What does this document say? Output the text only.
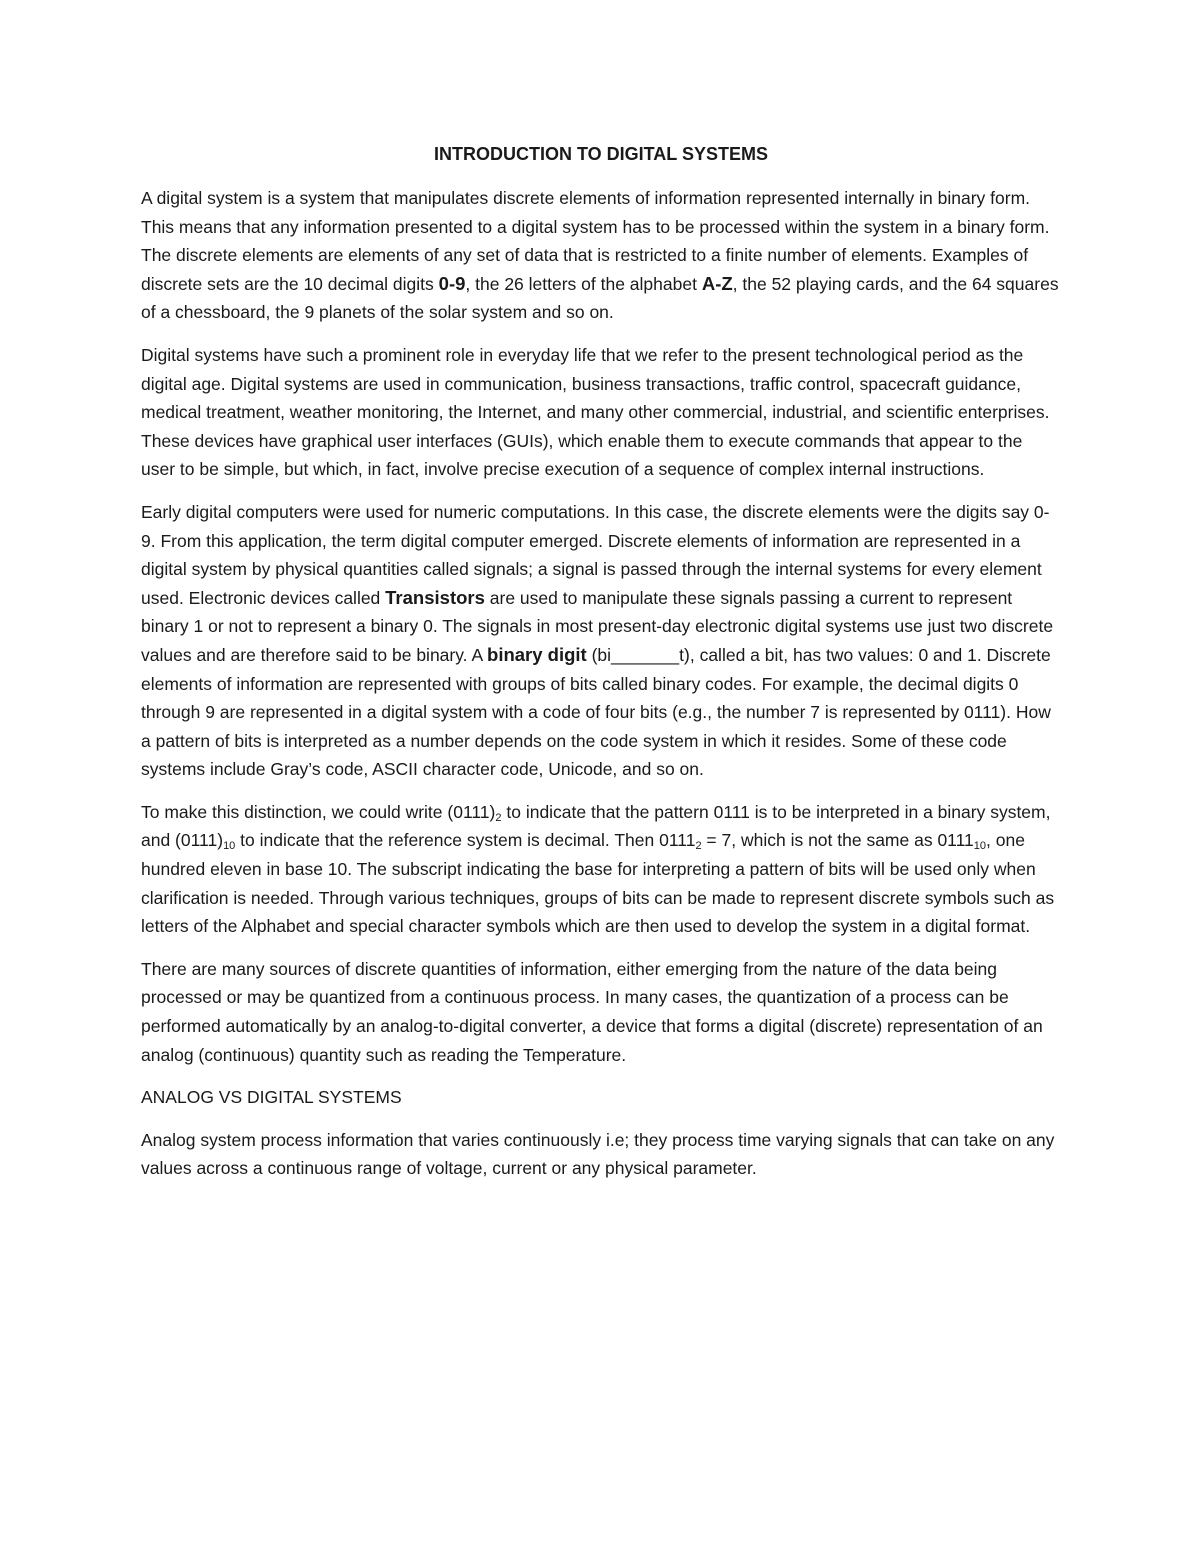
INTRODUCTION TO DIGITAL SYSTEMS

A digital system is a system that manipulates discrete elements of information represented internally in binary form. This means that any information presented to a digital system has to be processed within the system in a binary form. The discrete elements are elements of any set of data that is restricted to a finite number of elements. Examples of discrete sets are the 10 decimal digits 0-9, the 26 letters of the alphabet A-Z, the 52 playing cards, and the 64 squares of a chessboard, the 9 planets of the solar system and so on.

Digital systems have such a prominent role in everyday life that we refer to the present technological period as the digital age. Digital systems are used in communication, business transactions, traffic control, spacecraft guidance, medical treatment, weather monitoring, the Internet, and many other commercial, industrial, and scientific enterprises. These devices have graphical user interfaces (GUIs), which enable them to execute commands that appear to the user to be simple, but which, in fact, involve precise execution of a sequence of complex internal instructions.

Early digital computers were used for numeric computations. In this case, the discrete elements were the digits say 0-9. From this application, the term digital computer emerged. Discrete elements of information are represented in a digital system by physical quantities called signals; a signal is passed through the internal systems for every element used. Electronic devices called Transistors are used to manipulate these signals passing a current to represent binary 1 or not to represent a binary 0. The signals in most present-day electronic digital systems use just two discrete values and are therefore said to be binary. A binary digit (bi_______t), called a bit, has two values: 0 and 1. Discrete elements of information are represented with groups of bits called binary codes. For example, the decimal digits 0 through 9 are represented in a digital system with a code of four bits (e.g., the number 7 is represented by 0111). How a pattern of bits is interpreted as a number depends on the code system in which it resides. Some of these code systems include Gray’s code, ASCII character code, Unicode, and so on.

To make this distinction, we could write $(0111)_2$ to indicate that the pattern 0111 is to be interpreted in a binary system, and $(0111)_{10}$ to indicate that the reference system is decimal. Then $0111_2 = 7$, which is not the same as $0111_{10}$, one hundred eleven in base 10. The subscript indicating the base for interpreting a pattern of bits will be used only when clarification is needed. Through various techniques, groups of bits can be made to represent discrete symbols such as letters of the Alphabet and special character symbols which are then used to develop the system in a digital format.

There are many sources of discrete quantities of information, either emerging from the nature of the data being processed or may be quantized from a continuous process. In many cases, the quantization of a process can be performed automatically by an analog-to-digital converter, a device that forms a digital (discrete) representation of an analog (continuous) quantity such as reading the Temperature.

ANALOG VS DIGITAL SYSTEMS

Analog system process information that varies continuously i.e; they process time varying signals that can take on any values across a continuous range of voltage, current or any physical parameter.
